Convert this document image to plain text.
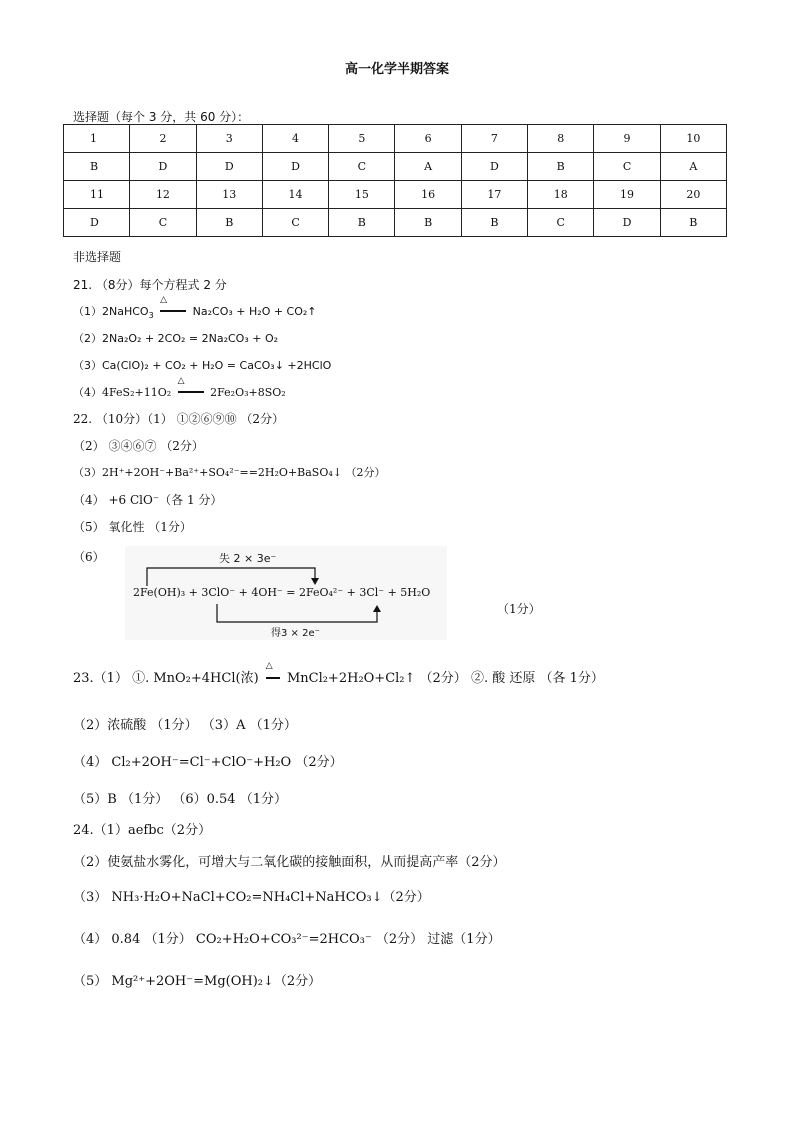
高一化学半期答案
选择题（每个 3 分，共 60 分）：
1	2	3	4	5	6	7	8	9	10
B	D	D	D	C	A	D	B	C	A
11	12	13	14	15	16	17	18	19	20
D	C	B	C	B	B	B	C	D	B
非选择题
21. （8分）每个方程式 2 分
（1）2NaHCO$_3$ △	Na₂CO₃ + H₂O + CO₂↑
（2）2Na₂O₂ + 2CO₂ = 2Na₂CO₃ + O₂
（3）Ca(ClO)₂ + CO₂ + H₂O = CaCO₃↓ +2HClO
（4）4FeS₂+11O₂ △	2Fe₂O₃+8SO₂
22. （10分）（1） ①②⑥⑨⑩ （2分）
（2） ③④⑥⑦ （2分）
（3）2H⁺+2OH⁻+Ba²⁺+SO₄²⁻==2H₂O+BaSO₄↓ （2分）
（4） +6 ClO⁻（各 1 分）
（5） 氧化性 （1分）
（6）	失 2 × 3e⁻
2Fe(OH)₃ + 3ClO⁻ + 4OH⁻ = 2FeO₄²⁻ + 3Cl⁻ + 5H₂O
得3 × 2e⁻
（1分）
23.（1） ①. MnO₂+4HCl(浓) △ MnCl₂+2H₂O+Cl₂↑ （2分） ②. 酸 还原 （各 1分）
（2）浓硫酸 （1分） （3）A （1分）
（4） Cl₂+2OH⁻=Cl⁻+ClO⁻+H₂O （2分）
（5）B （1分） （6）0.54 （1分）
24.（1）aefbc（2分）
（2）使氨盐水雾化，可增大与二氧化碳的接触面积，从而提高产率（2分）
（3） NH₃·H₂O+NaCl+CO₂=NH₄Cl+NaHCO₃↓（2分）
（4） 0.84 （1分） CO₂+H₂O+CO₃²⁻=2HCO₃⁻ （2分） 过滤（1分）
（5） Mg²⁺+2OH⁻=Mg(OH)₂↓（2分）
